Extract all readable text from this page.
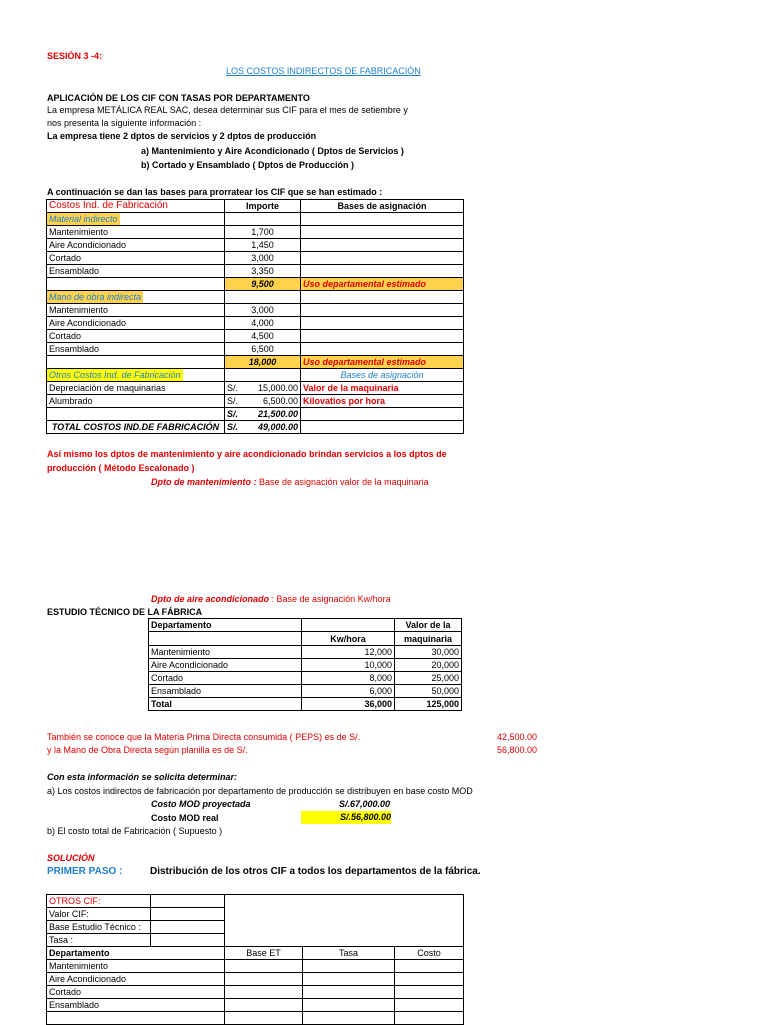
SESIÓN 3 -4:
LOS COSTOS INDIRECTOS DE FABRICACIÓN
APLICACIÓN DE LOS CIF CON TASAS POR DEPARTAMENTO
La empresa METÁLICA REAL SAC, desea determinar sus CIF para el mes de setiembre y
nos presenta la siguiente información :
La empresa tiene 2 dptos de servicios y 2 dptos de producción
a) Mantenimiento y Aire Acondicionado ( Dptos de Servicios )
b) Cortado y Ensamblado ( Dptos de Producción )
A continuación se dan las bases para prorratear los CIF que se han estimado :
Costos Ind. de Fabricación	Importe	Bases de asignación
Material indirecto		
Mantenimiento	1,700	
Aire Acondicionado	1,450	
Cortado	3,000	
Ensamblado	3,350	
	9,500	Uso departamental estimado
Mano de obra indirecta		
Mantenimiento	3,000	
Aire Acondicionado	4,000	
Cortado	4,500	
Ensamblado	6,500	
	18,000	Uso departamental estimado
Otros Costos Ind. de Fabricación		Bases de asignación
Depreciación de maquinarias	S/. 15,000.00	Valor de la maquinaria
Alumbrado	S/. 6,500.00	Kilovatios por hora
	S/. 21,500.00	

TOTAL COSTOS IND.DE FABRICACIÓN	S/. 49,000.00	

Así mismo los dptos de mantenimiento y aire acondicionado brindan servicios a los dptos de
producción ( Método Escalonado )
Dpto de mantenimiento : Base de asignación valor de la maquinaria
Dpto de aire acondicionado : Base de asignación Kw/hora
ESTUDIO TÉCNICO DE LA FÁBRICA
Departamento		Valor de la
	Kw/hora	maquinaria
Mantenimiento	12,000	30,000
Aire Acondicionado	10,000	20,000
Cortado	8,000	25,000
Ensamblado	6,000	50,000
Total	36,000	125,000
También se conoce que la Materia Prima Directa consumida ( PEPS) es de S/.	42,500.00
y la Mano de Obra Directa según planilla es de S/.	56,800.00
Con esta información se solicita determinar:
a) Los costos indirectos de fabricación por departamento de producción se distribuyen en base costo MOD
Costo MOD proyectada	S/.67,000.00
Costo MOD real	S/.56,800.00
b) El costo total de Fabricación ( Supuesto )
SOLUCIÓN
PRIMER PASO :	Distribución de los otros CIF a todos los departamentos de la fábrica.
OTROS CIF:				
Valor CIF:				
Base Estudio Técnico :				
Tasa :				
Departamento		Base ET	Tasa	Costo
Mantenimiento				
Aire Acondicionado				
Cortado				
Ensamblado				
